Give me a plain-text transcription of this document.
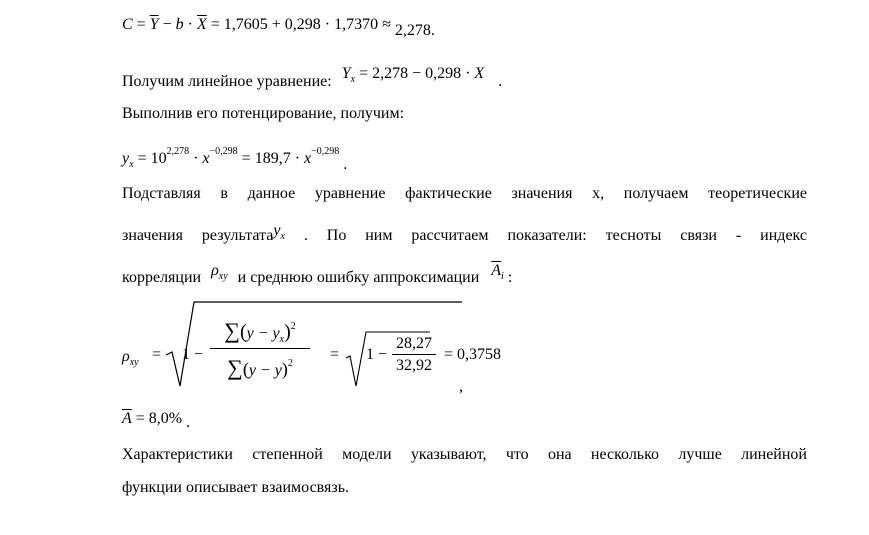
$C = \overline{Y} - b \cdot \overline{X} = 1,7605 + 0,298 \cdot 1,7370 \approx 2,278$.
Получим линейное уравнение: $Y_x = 2,278 - 0,298 \cdot X$ .
Выполнив его потенцирование, получим:
$y_x = 10^{2,278} \cdot x^{-0,298} = 189,7 \cdot x^{-0,298}$ .
Подставляя в данное уравнение фактические значения x, получаем теоретические
значения результатаy$_x$ . По ним рассчитаем показатели: тесноты связи - индекс
корреляции $\rho_{xy}$ и среднюю ошибку аппроксимации $\overline{A}_i$ :
$\rho_{xy} = 1$ −
$\sum(y - y_x)^2$
$\sum(y - y)^2$
= 1 −
28,27
32,92
= 0,3758
,
$\overline{A} = 8,0\%$ .
Характеристики степенной модели указывают, что она несколько лучше линейной
функции описывает взаимосвязь.
